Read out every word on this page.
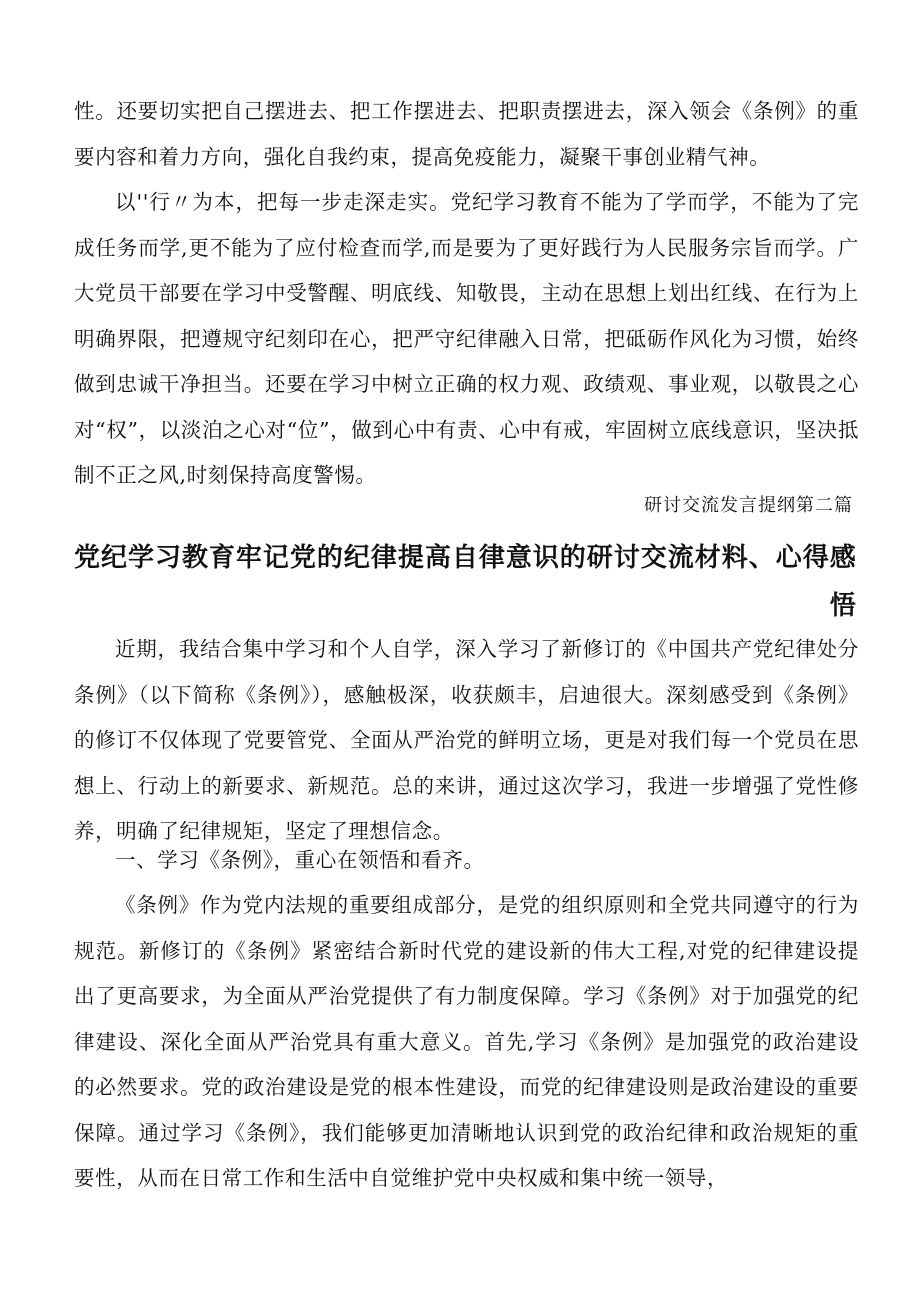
性。还要切实把自己摆进去、把工作摆进去、把职责摆进去，深入领会《条例》的重要内容和着力方向，强化自我约束，提高免疫能力，凝聚干事创业精气神。

以''行〃为本，把每一步走深走实。党纪学习教育不能为了学而学，不能为了完成任务而学,更不能为了应付检查而学,而是要为了更好践行为人民服务宗旨而学。广大党员干部要在学习中受警醒、明底线、知敬畏，主动在思想上划出红线、在行为上明确界限，把遵规守纪刻印在心，把严守纪律融入日常，把砥砺作风化为习惯，始终做到忠诚干净担当。还要在学习中树立正确的权力观、政绩观、事业观，以敬畏之心对“权”，以淡泊之心对“位”，做到心中有责、心中有戒，牢固树立底线意识，坚决抵制不正之风,时刻保持高度警惕。

研讨交流发言提纲第二篇

党纪学习教育牢记党的纪律提高自律意识的研讨交流材料、心得感悟

近期，我结合集中学习和个人自学，深入学习了新修订的《中国共产党纪律处分条例》（以下简称《条例》），感触极深，收获颇丰，启迪很大。深刻感受到《条例》的修订不仅体现了党要管党、全面从严治党的鲜明立场，更是对我们每一个党员在思想上、行动上的新要求、新规范。总的来讲，通过这次学习，我进一步增强了党性修养，明确了纪律规矩，坚定了理想信念。

一、学习《条例》，重心在领悟和看齐。

《条例》作为党内法规的重要组成部分，是党的组织原则和全党共同遵守的行为规范。新修订的《条例》紧密结合新时代党的建设新的伟大工程,对党的纪律建设提出了更高要求，为全面从严治党提供了有力制度保障。学习《条例》对于加强党的纪律建设、深化全面从严治党具有重大意义。首先,学习《条例》是加强党的政治建设的必然要求。党的政治建设是党的根本性建设，而党的纪律建设则是政治建设的重要保障。通过学习《条例》，我们能够更加清晰地认识到党的政治纪律和政治规矩的重要性，从而在日常工作和生活中自觉维护党中央权威和集中统一领导，
